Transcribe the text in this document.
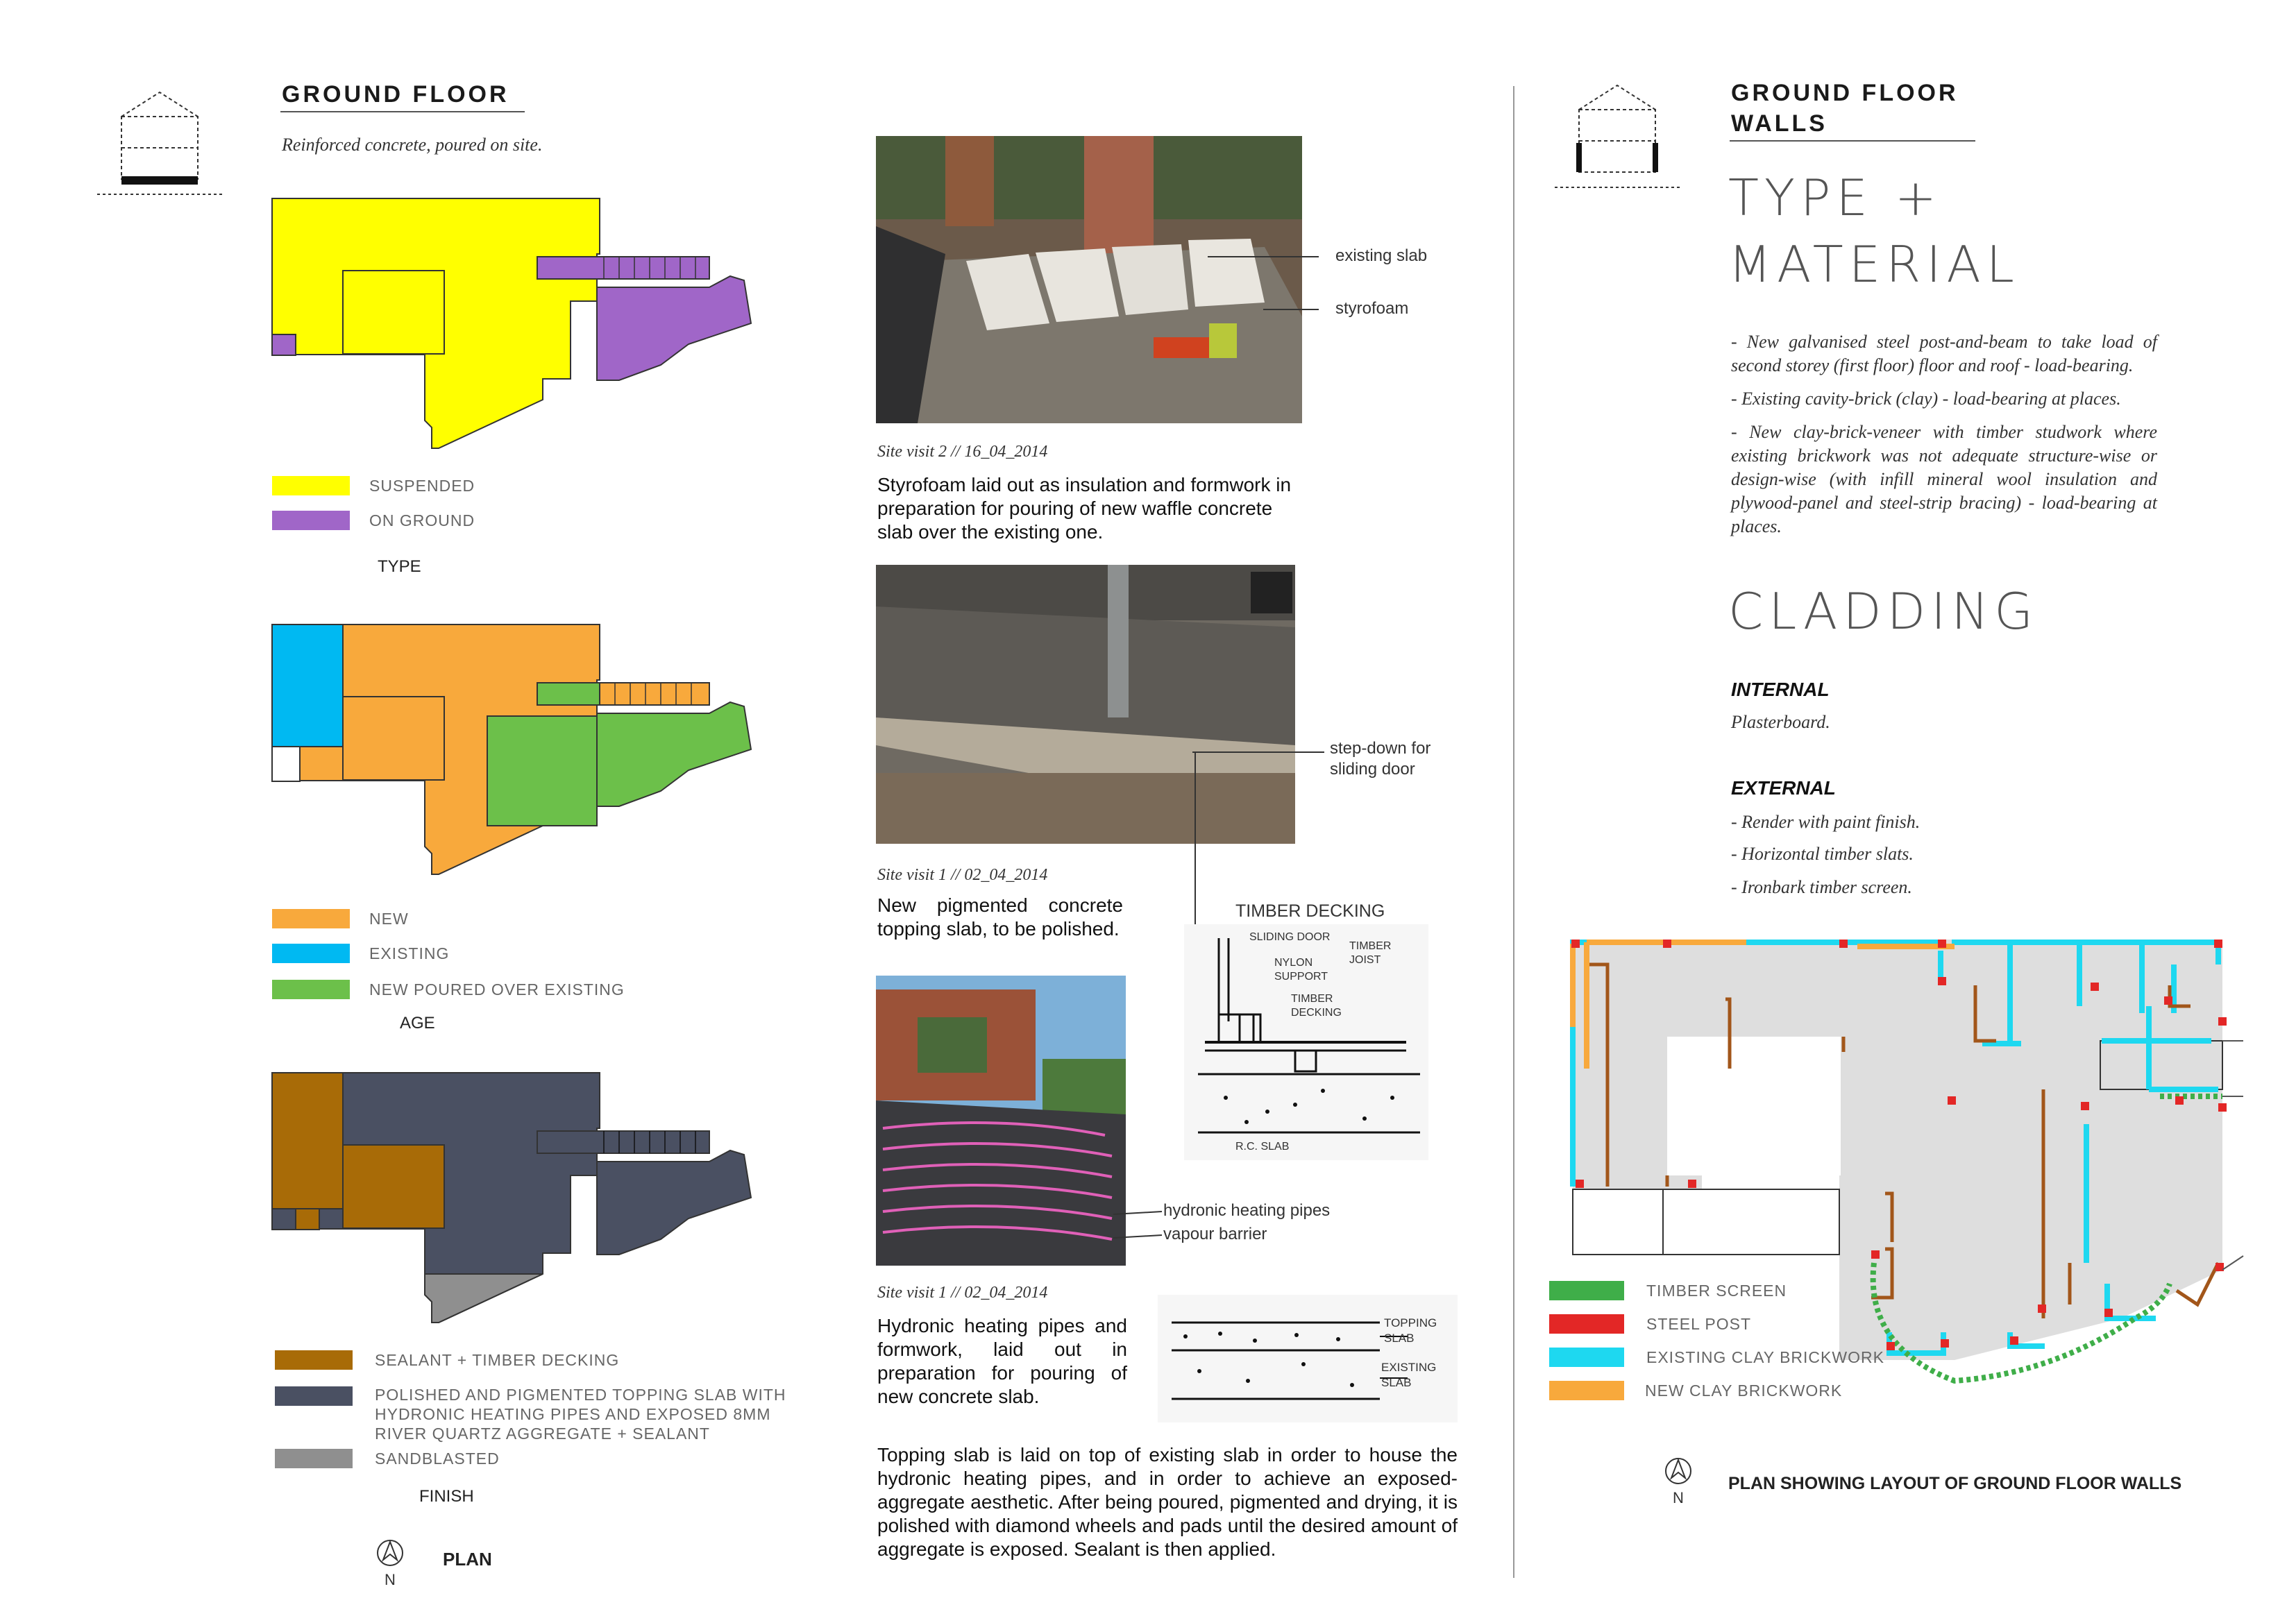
GROUND FLOOR
Reinforced concrete, poured on site.
SUSPENDED
ON GROUND
TYPE
NEW
EXISTING
NEW POURED OVER EXISTING
AGE
SEALANT + TIMBER DECKING
POLISHED AND PIGMENTED TOPPING SLAB WITH HYDRONIC HEATING PIPES AND EXPOSED 8MM RIVER QUARTZ AGGREGATE + SEALANT
SANDBLASTED
FINISH
N
PLAN
existing slab
styrofoam
Site visit 2 // 16_04_2014
Styrofoam laid out as insulation and formwork in preparation for pouring of new waffle concrete slab over the existing one.
step-down for sliding door
Site visit 1 // 02_04_2014
New pigmented concrete topping slab, to be polished.
TIMBER DECKING
SLIDING DOOR
NYLON SUPPORT
TIMBER DECKING
TIMBER JOIST
R.C. SLAB
hydronic heating pipes
vapour barrier
Site visit 1 // 02_04_2014
Hydronic heating pipes and formwork, laid out in preparation for pouring of new concrete slab.
TOPPING SLAB
EXISTING SLAB
Topping slab is laid on top of existing slab in order to house the hydronic heating pipes, and in order to achieve an exposed-aggregate aesthetic. After being poured, pigmented and drying, it is polished with diamond wheels and pads until the desired amount of aggregate is exposed. Sealant is then applied.
GROUND FLOOR
WALLS
TYPE +
MATERIAL
- New galvanised steel post-and-beam to take load of second storey (first floor) floor and roof - load-bearing.
- Existing cavity-brick (clay) - load-bearing at places.
- New clay-brick-veneer with timber studwork where existing brickwork was not adequate structure-wise or design-wise (with infill mineral wool insulation and plywood-panel and steel-strip bracing) - load-bearing at places.
CLADDING
INTERNAL
Plasterboard.
EXTERNAL
- Render with paint finish.
- Horizontal timber slats.
- Ironbark timber screen.
TIMBER SCREEN
STEEL POST
EXISTING CLAY BRICKWORK
NEW CLAY BRICKWORK
N
PLAN SHOWING LAYOUT OF GROUND FLOOR WALLS
